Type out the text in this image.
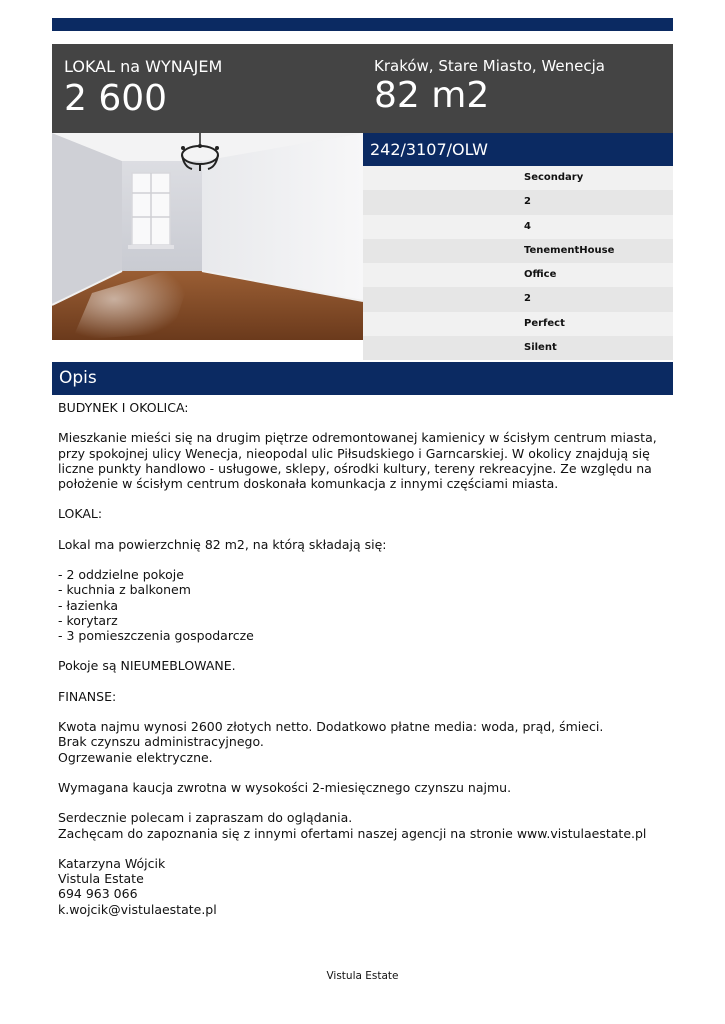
LOKAL na WYNAJEM
2 600
Kraków, Stare Miasto, Wenecja
82 m2
242/3107/OLW
Secondary
2
4
TenementHouse
Office
2
Perfect
Silent
Opis

BUDYNEK I OKOLICA:

Mieszkanie mieści się na drugim piętrze odremontowanej kamienicy w ścisłym centrum miasta,

przy spokojnej ulicy Wenecja, nieopodal ulic Piłsudskiego i Garncarskiej. W okolicy znajdują się

liczne punkty handlowo - usługowe, sklepy, ośrodki kultury, tereny rekreacyjne. Ze względu na

położenie w ścisłym centrum doskonała komunkacja z innymi częściami miasta.

LOKAL:

Lokal ma powierzchnię 82 m2, na którą składają się:

- 2 oddzielne pokoje

- kuchnia z balkonem

- łazienka

- korytarz

- 3 pomieszczenia gospodarcze

Pokoje są NIEUMEBLOWANE.

FINANSE:

Kwota najmu wynosi 2600 złotych netto. Dodatkowo płatne media: woda, prąd, śmieci.

Brak czynszu administracyjnego.

Ogrzewanie elektryczne.

Wymagana kaucja zwrotna w wysokości 2-miesięcznego czynszu najmu.

Serdecznie polecam i zapraszam do oglądania.

Zachęcam do zapoznania się z innymi ofertami naszej agencji na stronie www.vistulaestate.pl

Katarzyna Wójcik

Vistula Estate

694 963 066

k.wojcik@vistulaestate.pl

Vistula Estate
